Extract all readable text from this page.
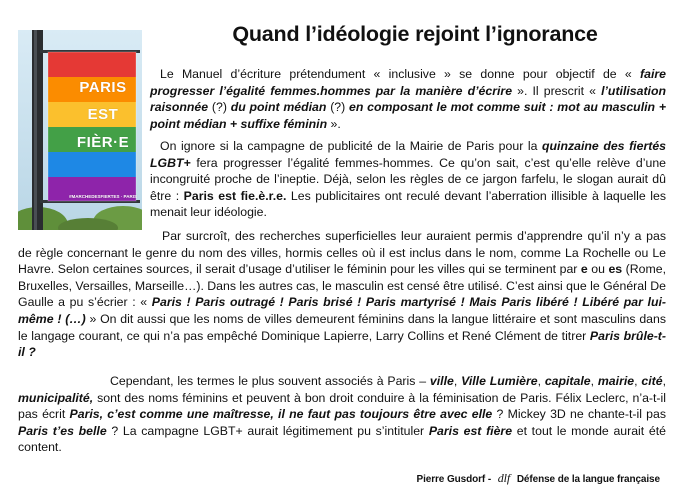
Quand l’idéologie rejoint l’ignorance
PARIS
EST
FIÈR·E
#MARCHEDESFIERTES · PARIS
Le Manuel d’écriture prétendument « inclusive » se donne pour objectif de « faire progresser l’égalité femmes.hommes par la manière d’écrire ». Il prescrit « l’utilisation raisonnée (?) du point médian (?) en composant le mot comme suit : mot au masculin + point médian + suffixe féminin ».
On ignore si la campagne de publicité de la Mairie de Paris pour la quinzaine des fiertés LGBT+ fera progresser l’égalité femmes-hommes. Ce qu’on sait, c’est qu’elle relève d’une incongruité proche de l’ineptie. Déjà, selon les règles de ce jargon farfelu, le slogan aurait dû être : Paris est fie.è.r.e. Les publicitaires ont reculé devant l’aberration illisible à laquelle les menait leur idéologie.
Par surcroît, des recherches superficielles leur auraient permis d’apprendre qu’il n’y a pas de règle concernant le genre du nom des villes, hormis celles où il est inclus dans le nom, comme La Rochelle ou Le Havre. Selon certaines sources, il serait d’usage d’utiliser le féminin pour les villes qui se terminent par e ou es (Rome, Bruxelles, Versailles, Marseille…). Dans les autres cas, le masculin est censé être utilisé. C’est ainsi que le Général De Gaulle a pu s’écrier : « Paris ! Paris outragé ! Paris brisé ! Paris martyrisé ! Mais Paris libéré ! Libéré par lui-même ! (…) » On dit aussi que les noms de villes demeurent féminins dans la langue littéraire et sont masculins dans le langage courant, ce qui n’a pas empêché Dominique Lapierre, Larry Collins et René Clément de titrer Paris brûle-t-il ?
Cependant, les termes le plus souvent associés à Paris – ville, Ville Lumière, capitale, mairie, cité, municipalité, sont des noms féminins et peuvent à bon droit conduire à la féminisation de Paris. Félix Leclerc, n’a-t-il pas écrit Paris, c’est comme une maîtresse, il ne faut pas toujours être avec elle ? Mickey 3D ne chante-t-il pas Paris t’es belle ? La campagne LGBT+ aurait légitimement pu s’intituler Paris est fière et tout le monde aurait été content.
Pierre Gusdorf - dlf Défense de la langue française
